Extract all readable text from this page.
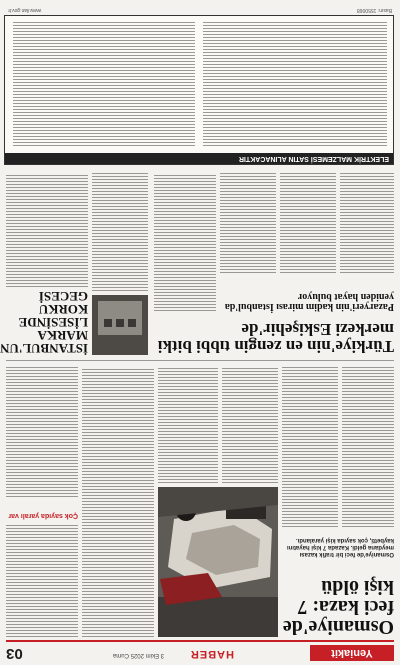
Yeniakit
HABER
3 Ekim 2025 Cuma
03
Osmaniye'de feci kaza: 7 kişi öldü
Osmaniye'de feci bir trafik kazası meydana geldi. Kazada 7 kişi hayatını kaybetti, çok sayıda kişi yaralandı.
Çok sayıda yaralı var
Türkiye'nin en zengin tıbbi bitki merkezi Eskişehir'de
Pazaryeri'nin kadim mirası İstanbul'da yeniden hayat buluyor
İSTANBUL'UN MARKA LİSESİNDE KORKU GECESİ
ELEKTRİK MALZEMESİ SATIN ALINACAKTIR
Basın: 1550068
www.ilan.gov.tr
